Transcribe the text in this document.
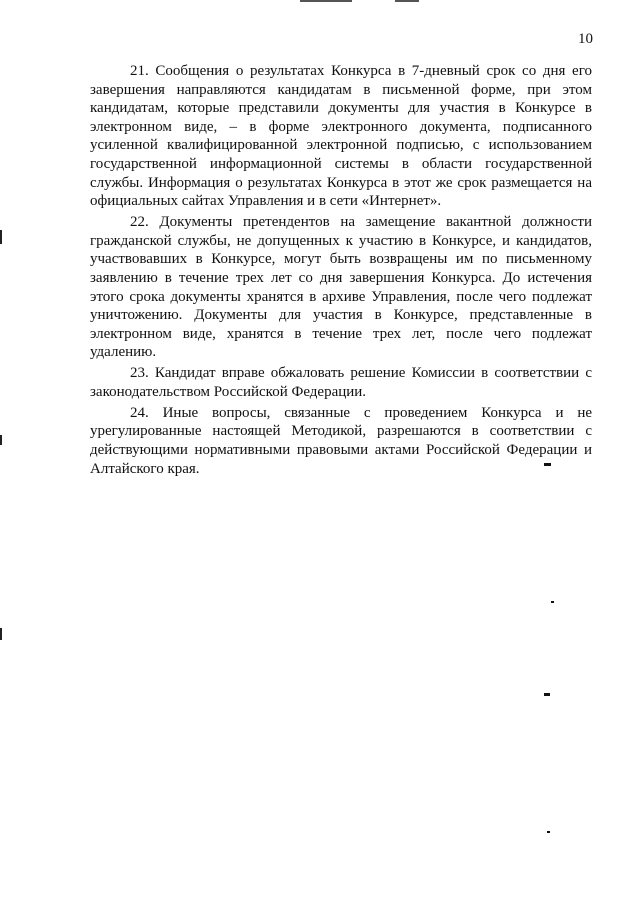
10

21. Сообщения о результатах Конкурса в 7-дневный срок со дня его завершения направляются кандидатам в письменной форме, при этом кандидатам, которые представили документы для участия в Конкурсе в электронном виде, – в форме электронного документа, подписанного усиленной квалифицированной электронной подписью, с использованием государственной информационной системы в области государственной службы. Информация о результатах Конкурса в этот же срок размещается на официальных сайтах Управления и в сети «Интернет».

22. Документы претендентов на замещение вакантной должности гражданской службы, не допущенных к участию в Конкурсе, и кандидатов, участвовавших в Конкурсе, могут быть возвращены им по письменному заявлению в течение трех лет со дня завершения Конкурса. До истечения этого срока документы хранятся в архиве Управления, после чего подлежат уничтожению. Документы для участия в Конкурсе, представленные в электронном виде, хранятся в течение трех лет, после чего подлежат удалению.

23. Кандидат вправе обжаловать решение Комиссии в соответствии с законодательством Российской Федерации.

24. Иные вопросы, связанные с проведением Конкурса и не урегулированные настоящей Методикой, разрешаются в соответствии с действующими нормативными правовыми актами Российской Федерации и Алтайского края.
